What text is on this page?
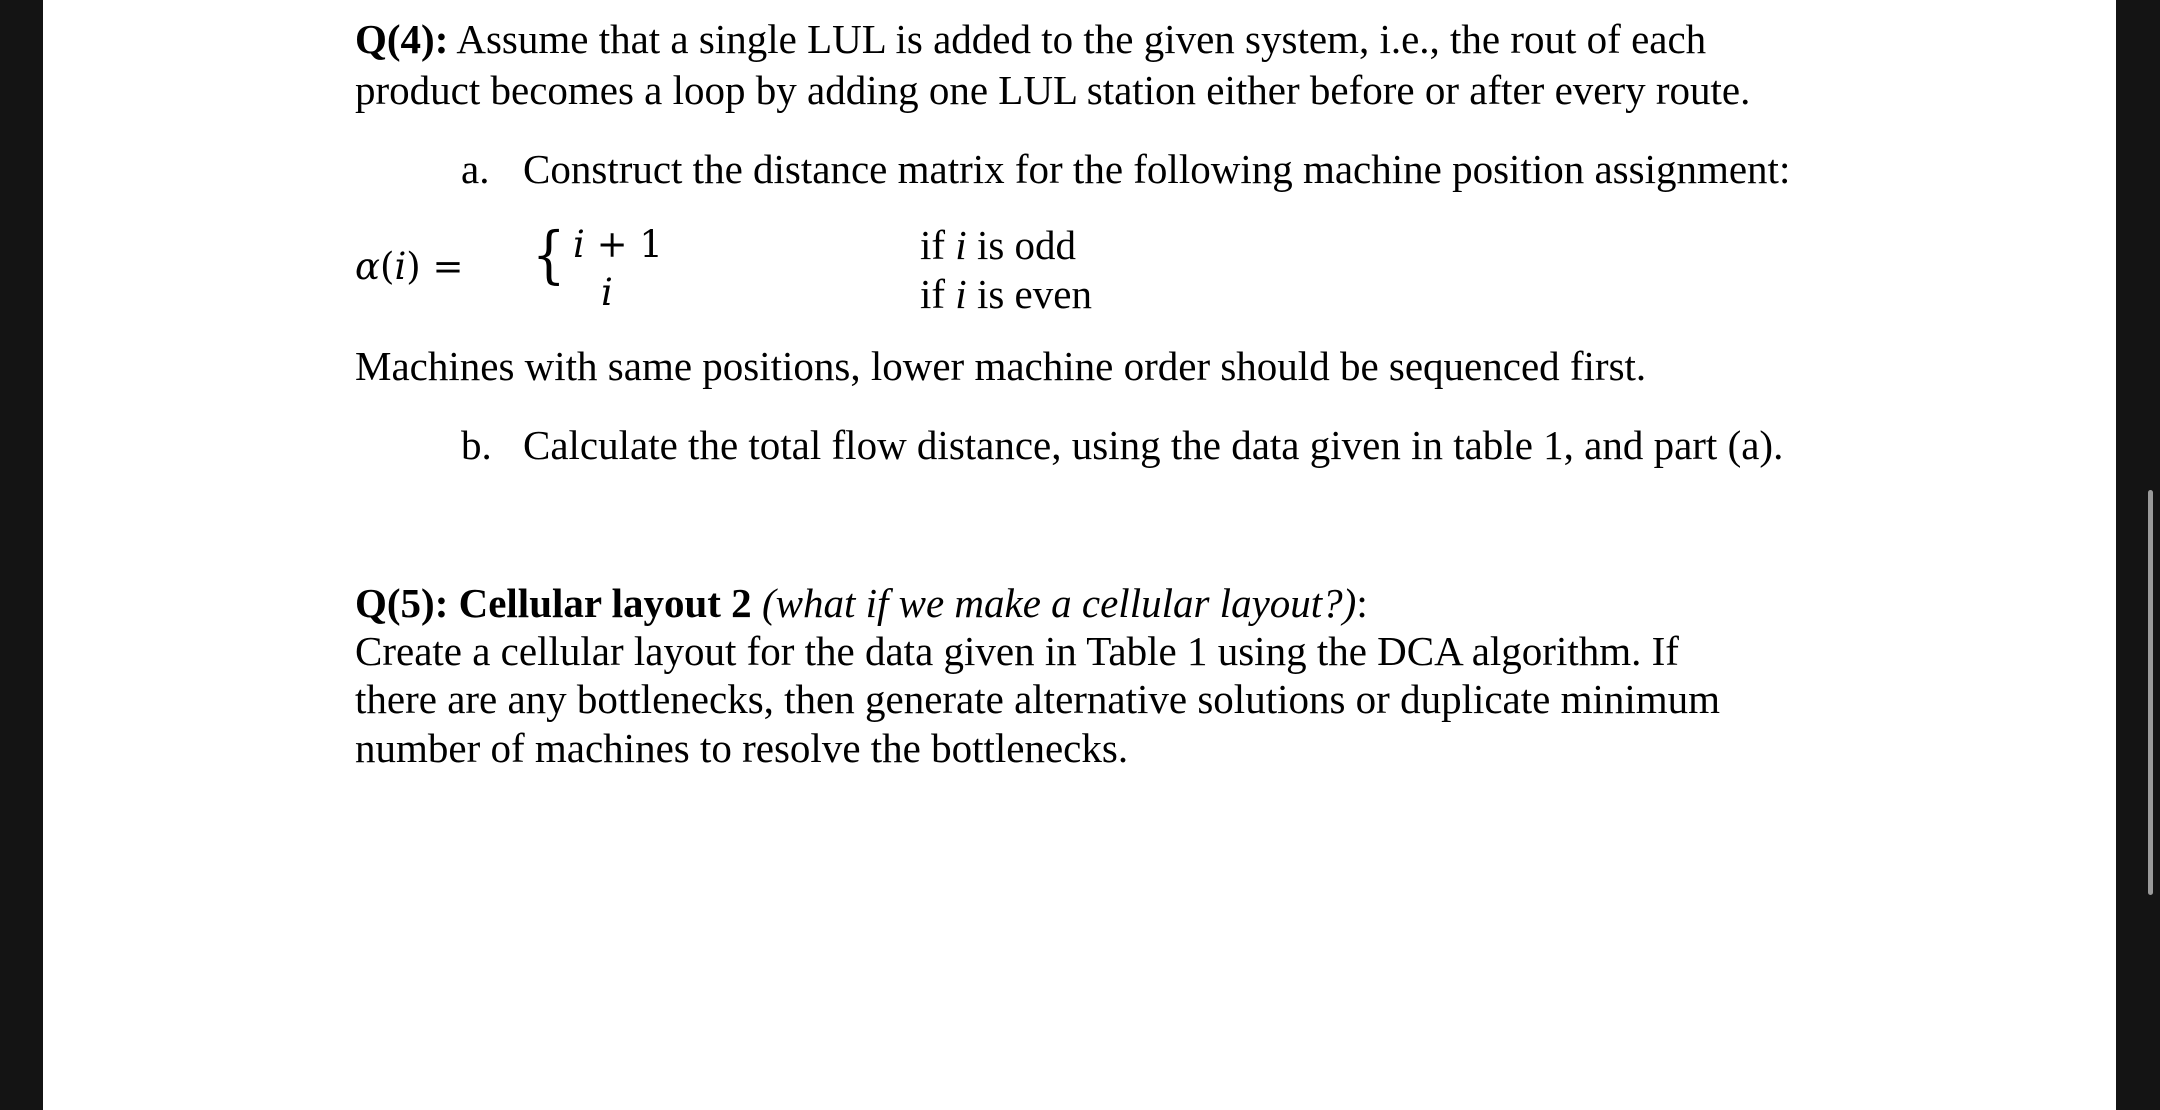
Q(4): Assume that a single LUL is added to the given system, i.e., the rout of each
product becomes a loop by adding one LUL station either before or after every route.
a. Construct the distance matrix for the following machine position assignment:
α(i) = { i + 1
i
if i is odd
if i is even
Machines with same positions, lower machine order should be sequenced first.
b. Calculate the total flow distance, using the data given in table 1, and part (a).
Q(5): Cellular layout 2 (what if we make a cellular layout?):
Create a cellular layout for the data given in Table 1 using the DCA algorithm. If
there are any bottlenecks, then generate alternative solutions or duplicate minimum
number of machines to resolve the bottlenecks.
